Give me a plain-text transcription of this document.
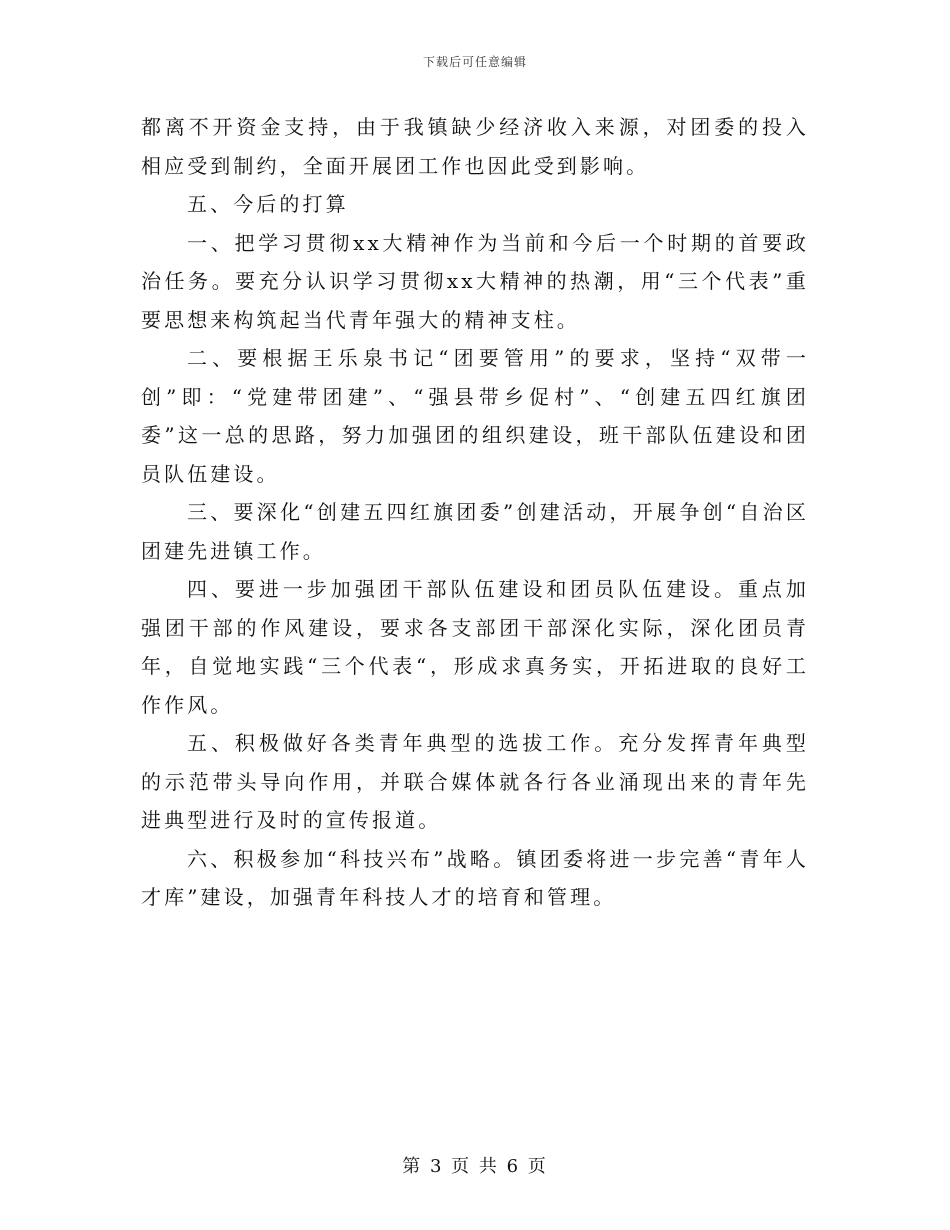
下载后可任意编辑

都离不开资金支持，由于我镇缺少经济收入来源，对团委的投入相应受到制约，全面开展团工作也因此受到影响。

五、今后的打算

一、把学习贯彻xx大精神作为当前和今后一个时期的首要政治任务。要充分认识学习贯彻xx大精神的热潮，用“三个代表”重要思想来构筑起当代青年强大的精神支柱。

二、要根据王乐泉书记“团要管用”的要求，坚持“双带一创”即：“党建带团建”、“强县带乡促村”、“创建五四红旗团委”这一总的思路，努力加强团的组织建设，班干部队伍建设和团员队伍建设。

三、要深化“创建五四红旗团委”创建活动，开展争创“自治区团建先进镇工作。

四、要进一步加强团干部队伍建设和团员队伍建设。重点加强团干部的作风建设，要求各支部团干部深化实际，深化团员青年，自觉地实践“三个代表“，形成求真务实，开拓进取的良好工作作风。

五、积极做好各类青年典型的选拔工作。充分发挥青年典型的示范带头导向作用，并联合媒体就各行各业涌现出来的青年先进典型进行及时的宣传报道。

六、积极参加“科技兴布”战略。镇团委将进一步完善“青年人才库”建设，加强青年科技人才的培育和管理。

第 3 页 共 6 页
